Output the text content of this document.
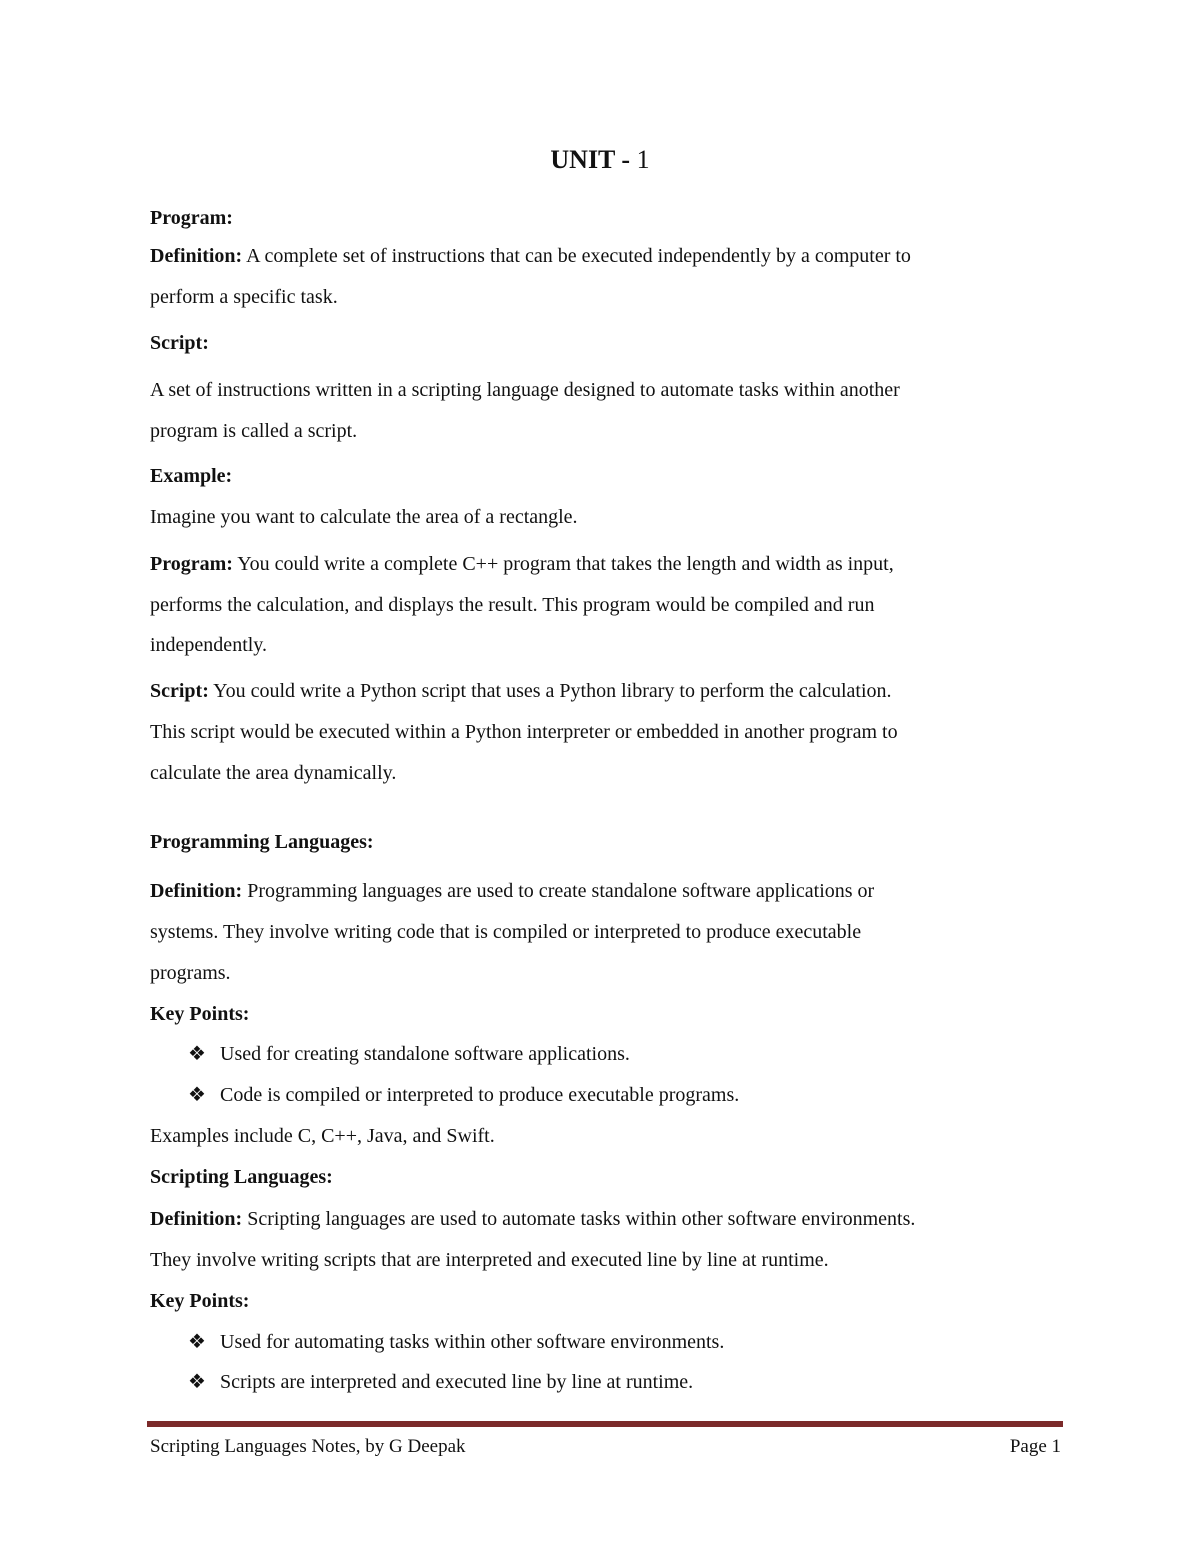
UNIT - 1
Program:
Definition: A complete set of instructions that can be executed independently by a computer to
perform a specific task.
Script:
A set of instructions written in a scripting language designed to automate tasks within another
program is called a script.
Example:
Imagine you want to calculate the area of a rectangle.
Program: You could write a complete C++ program that takes the length and width as input,
performs the calculation, and displays the result. This program would be compiled and run
independently.
Script: You could write a Python script that uses a Python library to perform the calculation.
This script would be executed within a Python interpreter or embedded in another program to
calculate the area dynamically.
Programming Languages:
Definition: Programming languages are used to create standalone software applications or
systems. They involve writing code that is compiled or interpreted to produce executable
programs.
Key Points:
❖ Used for creating standalone software applications.
❖ Code is compiled or interpreted to produce executable programs.
Examples include C, C++, Java, and Swift.
Scripting Languages:
Definition: Scripting languages are used to automate tasks within other software environments.
They involve writing scripts that are interpreted and executed line by line at runtime.
Key Points:
❖ Used for automating tasks within other software environments.
❖ Scripts are interpreted and executed line by line at runtime.
Scripting Languages Notes, by G Deepak	Page 1
